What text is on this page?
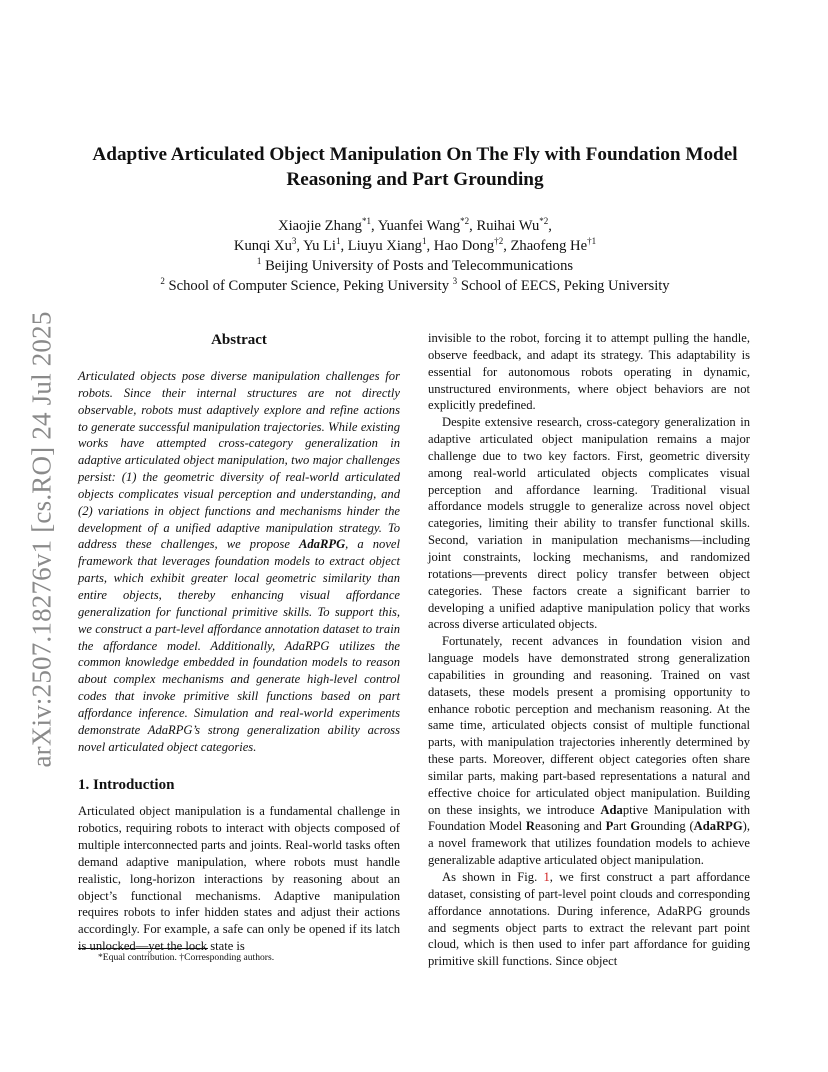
arXiv:2507.18276v1 [cs.RO] 24 Jul 2025
Adaptive Articulated Object Manipulation On The Fly with Foundation Model Reasoning and Part Grounding
Xiaojie Zhang$^{*1}$, Yuanfei Wang$^{*2}$, Ruihai Wu$^{*2}$,
Kunqi Xu$^3$, Yu Li$^1$, Liuyu Xiang$^1$, Hao Dong$^{\dagger 2}$, Zhaofeng He$^{\dagger 1}$
$^1$ Beijing University of Posts and Telecommunications
$^2$ School of Computer Science, Peking University $^3$ School of EECS, Peking University
Abstract

Articulated objects pose diverse manipulation challenges for robots. Since their internal structures are not directly observable, robots must adaptively explore and refine actions to generate successful manipulation trajectories. While existing works have attempted cross-category generalization in adaptive articulated object manipulation, two major challenges persist: (1) the geometric diversity of real-world articulated objects complicates visual perception and understanding, and (2) variations in object functions and mechanisms hinder the development of a unified adaptive manipulation strategy. To address these challenges, we propose AdaRPG, a novel framework that leverages foundation models to extract object parts, which exhibit greater local geometric similarity than entire objects, thereby enhancing visual affordance generalization for functional primitive skills. To support this, we construct a part-level affordance annotation dataset to train the affordance model. Additionally, AdaRPG utilizes the common knowledge embedded in foundation models to reason about complex mechanisms and generate high-level control codes that invoke primitive skill functions based on part affordance inference. Simulation and real-world experiments demonstrate AdaRPG’s strong generalization ability across novel articulated object categories.

1. Introduction

Articulated object manipulation is a fundamental challenge in robotics, requiring robots to interact with objects composed of multiple interconnected parts and joints. Real-world tasks often demand adaptive manipulation, where robots must handle realistic, long-horizon interactions by reasoning about an object’s functional mechanisms. Adaptive manipulation requires robots to infer hidden states and adjust their actions accordingly. For example, a safe can only be opened if its latch is unlocked—yet the lock state is

invisible to the robot, forcing it to attempt pulling the handle, observe feedback, and adapt its strategy. This adaptability is essential for autonomous robots operating in dynamic, unstructured environments, where object behaviors are not explicitly predefined.

Despite extensive research, cross-category generalization in adaptive articulated object manipulation remains a major challenge due to two key factors. First, geometric diversity among real-world articulated objects complicates visual perception and affordance learning. Traditional visual affordance models struggle to generalize across novel object categories, limiting their ability to transfer functional skills. Second, variation in manipulation mechanisms—including joint constraints, locking mechanisms, and randomized rotations—prevents direct policy transfer between object categories. These factors create a significant barrier to developing a unified adaptive manipulation policy that works across diverse articulated objects.

Fortunately, recent advances in foundation vision and language models have demonstrated strong generalization capabilities in grounding and reasoning. Trained on vast datasets, these models present a promising opportunity to enhance robotic perception and mechanism reasoning. At the same time, articulated objects consist of multiple functional parts, with manipulation trajectories inherently determined by these parts. Moreover, different object categories often share similar parts, making part-based representations a natural and effective choice for articulated object manipulation. Building on these insights, we introduce Adaptive Manipulation with Foundation Model Reasoning and Part Grounding (AdaRPG), a novel framework that utilizes foundation models to achieve generalizable adaptive articulated object manipulation.

As shown in Fig. 1, we first construct a part affordance dataset, consisting of part-level point clouds and corresponding affordance annotations. During inference, AdaRPG grounds and segments object parts to extract the relevant part point cloud, which is then used to infer part affordance for guiding primitive skill functions. Since object

*Equal contribution. †Corresponding authors.
